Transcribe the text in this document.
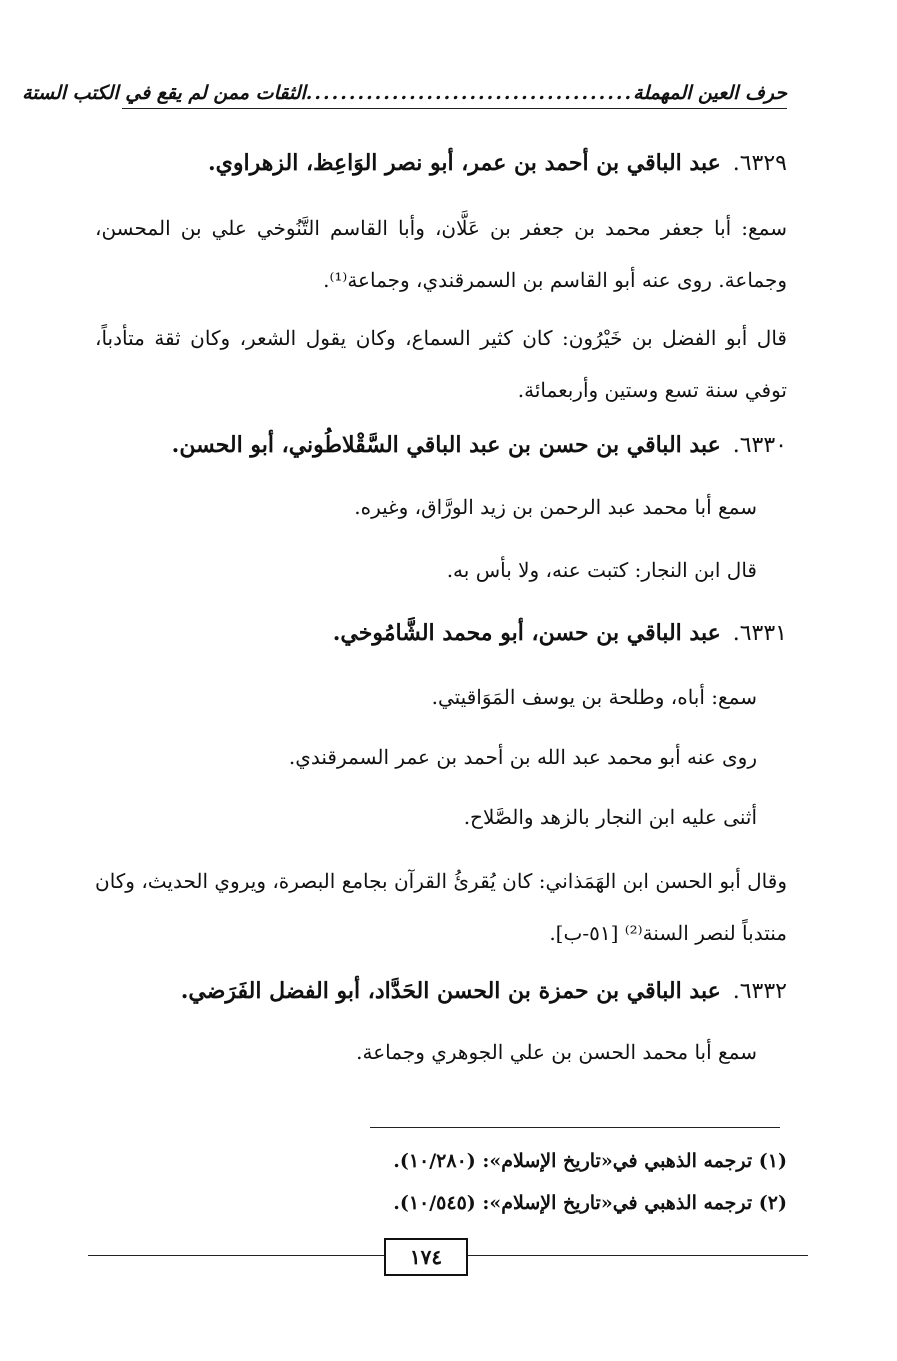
حرف العين المهملة
......................................
الثقات ممن لم يقع في الكتب الستة
٦٣٢٩.عبد الباقي بن أحمد بن عمر، أبو نصر الوَاعِظ، الزهراوي.
سمع: أبا جعفر محمد بن جعفر بن عَلَّان، وأبا القاسم التَّنُوخي علي بن المحسن، وجماعة. روى عنه أبو القاسم بن السمرقندي، وجماعة⁽¹⁾.
قال أبو الفضل بن خَيْرُون: كان كثير السماع، وكان يقول الشعر، وكان ثقة متأدباً، توفي سنة تسع وستين وأربعمائة.
٦٣٣٠.عبد الباقي بن حسن بن عبد الباقي السَّقْلاطُوني، أبو الحسن.
سمع أبا محمد عبد الرحمن بن زيد الورَّاق، وغيره.
قال ابن النجار: كتبت عنه، ولا بأس به.
٦٣٣١.عبد الباقي بن حسن، أبو محمد الشَّامُوخي.
سمع: أباه، وطلحة بن يوسف المَوَاقيتي.
روى عنه أبو محمد عبد الله بن أحمد بن عمر السمرقندي.
أثنى عليه ابن النجار بالزهد والصَّلاح.
وقال أبو الحسن ابن الهَمَذاني: كان يُقرئُ القرآن بجامع البصرة، ويروي الحديث، وكان منتدباً لنصر السنة⁽²⁾ [٥١-ب].
٦٣٣٢.عبد الباقي بن حمزة بن الحسن الحَدَّاد، أبو الفضل الفَرَضي.
سمع أبا محمد الحسن بن علي الجوهري وجماعة.
(١) ترجمه الذهبي في«تاريخ الإسلام»: (١٠/٢٨٠).
(٢) ترجمه الذهبي في«تاريخ الإسلام»: (١٠/٥٤٥).
١٧٤
